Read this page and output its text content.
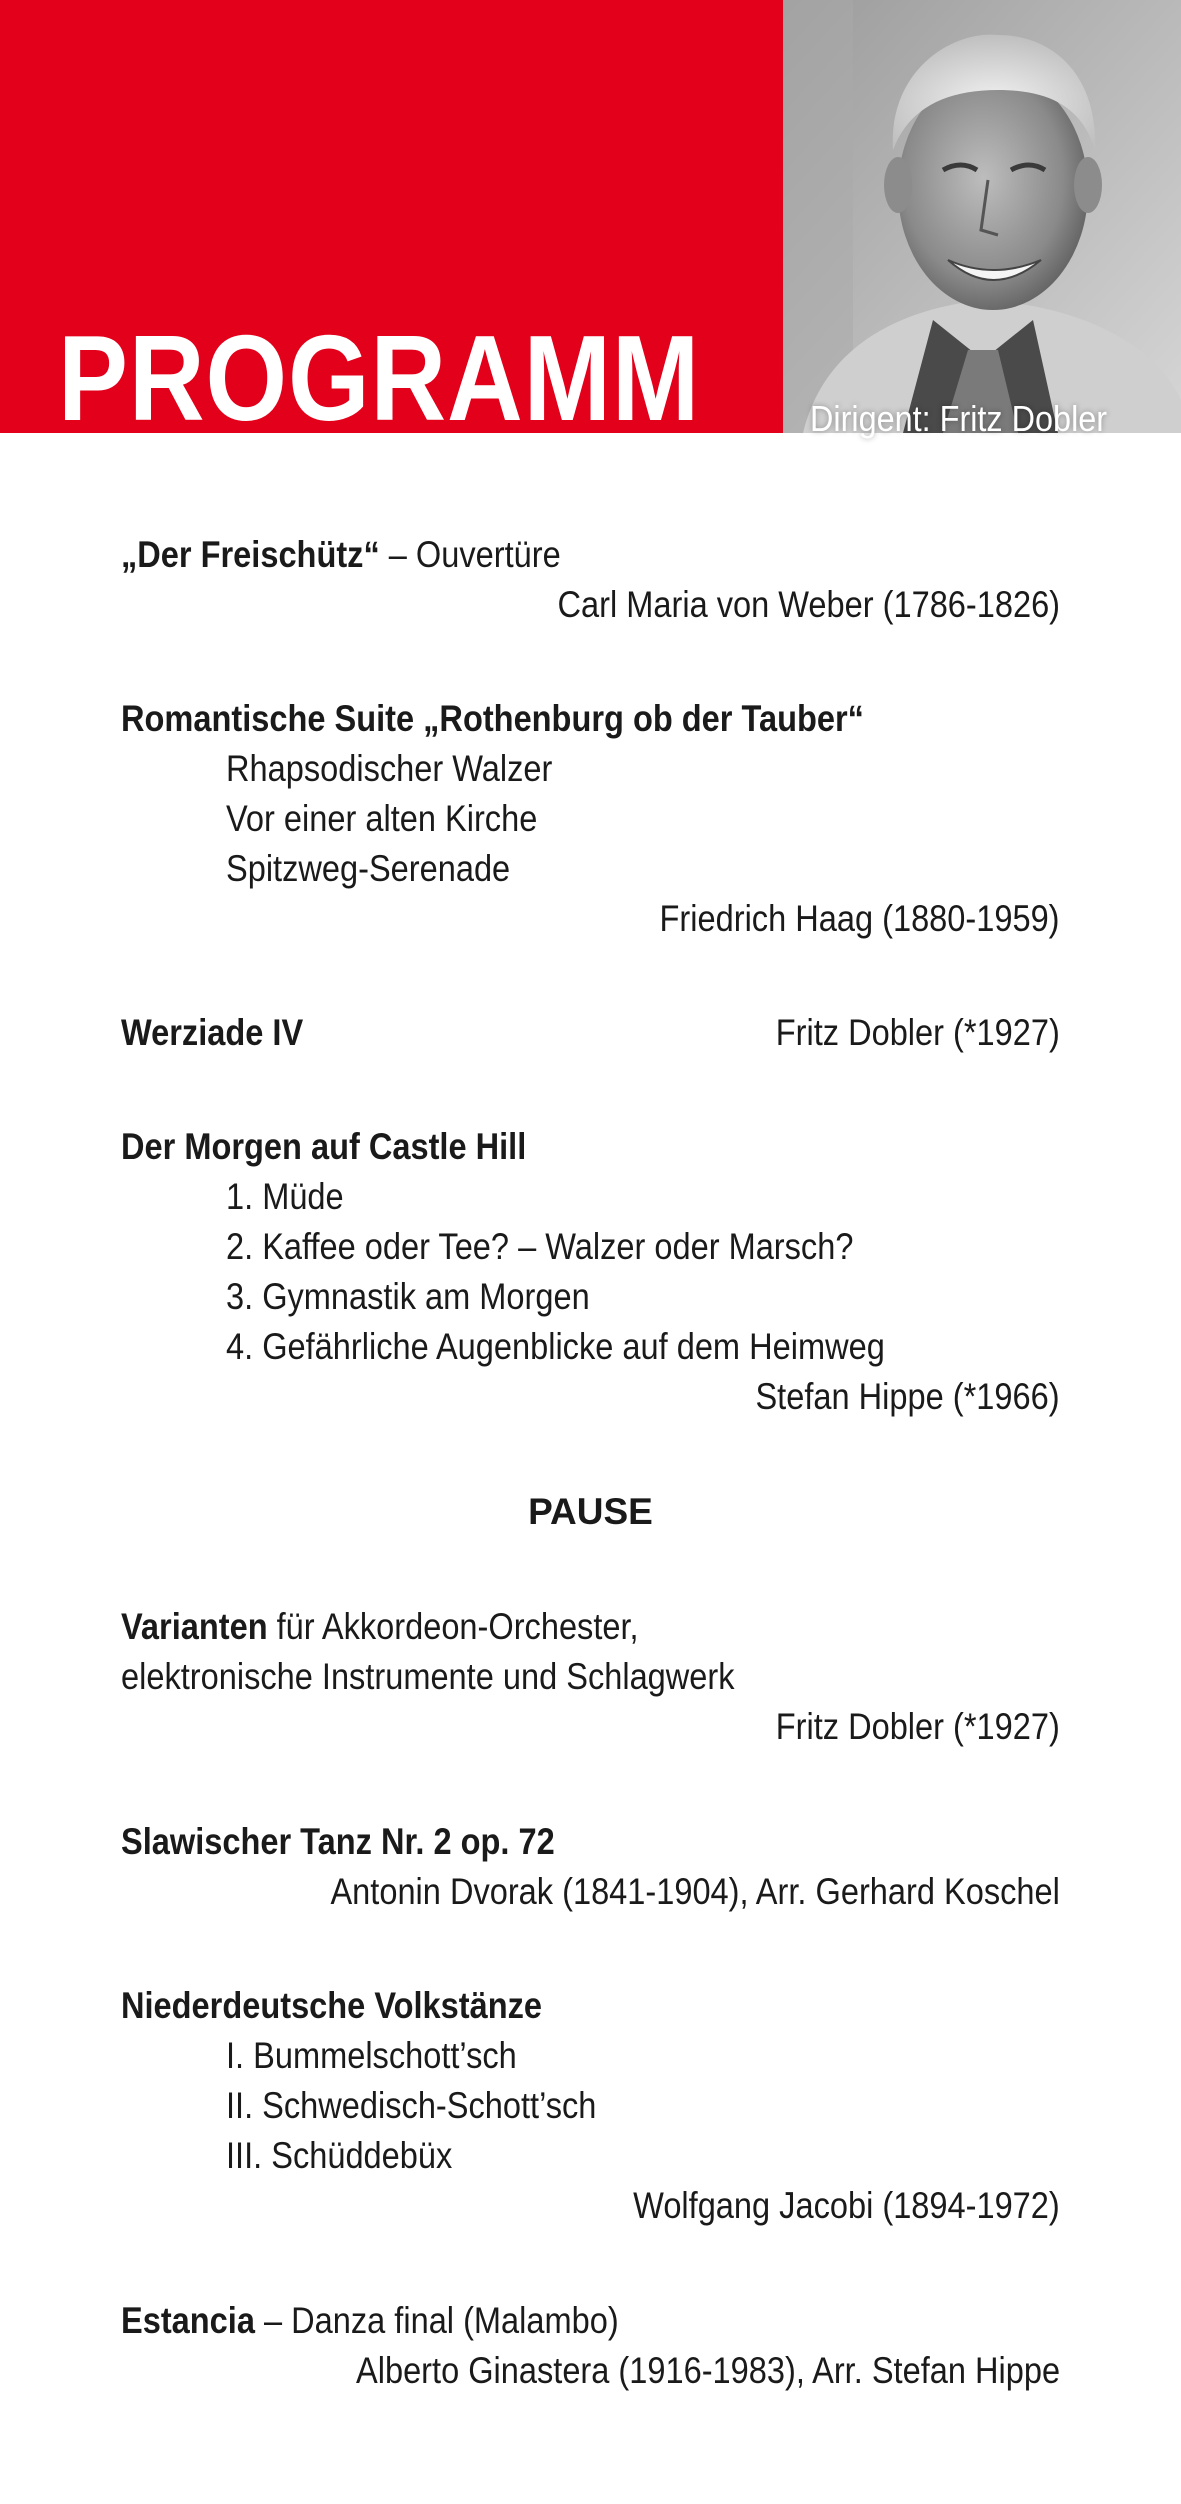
PROGRAMM	Dirigent: Fritz Dobler
„Der Freischütz“ – Ouvertüre
Carl Maria von Weber (1786-1826)
Romantische Suite „Rothenburg ob der Tauber“
Rhapsodischer Walzer
Vor einer alten Kirche
Spitzweg-Serenade
Friedrich Haag (1880-1959)
Werziade IV	Fritz Dobler (*1927)
Der Morgen auf Castle Hill
1. Müde
2. Kaffee oder Tee? – Walzer oder Marsch?
3. Gymnastik am Morgen
4. Gefährliche Augenblicke auf dem Heimweg
Stefan Hippe (*1966)
PAUSE
Varianten für Akkordeon-Orchester,
elektronische Instrumente und Schlagwerk
Fritz Dobler (*1927)
Slawischer Tanz Nr. 2 op. 72
Antonin Dvorak (1841-1904), Arr. Gerhard Koschel
Niederdeutsche Volkstänze
I. Bummelschott’sch
II. Schwedisch-Schott’sch
III. Schüddebüx
Wolfgang Jacobi (1894-1972)
Estancia – Danza final (Malambo)
Alberto Ginastera (1916-1983), Arr. Stefan Hippe
